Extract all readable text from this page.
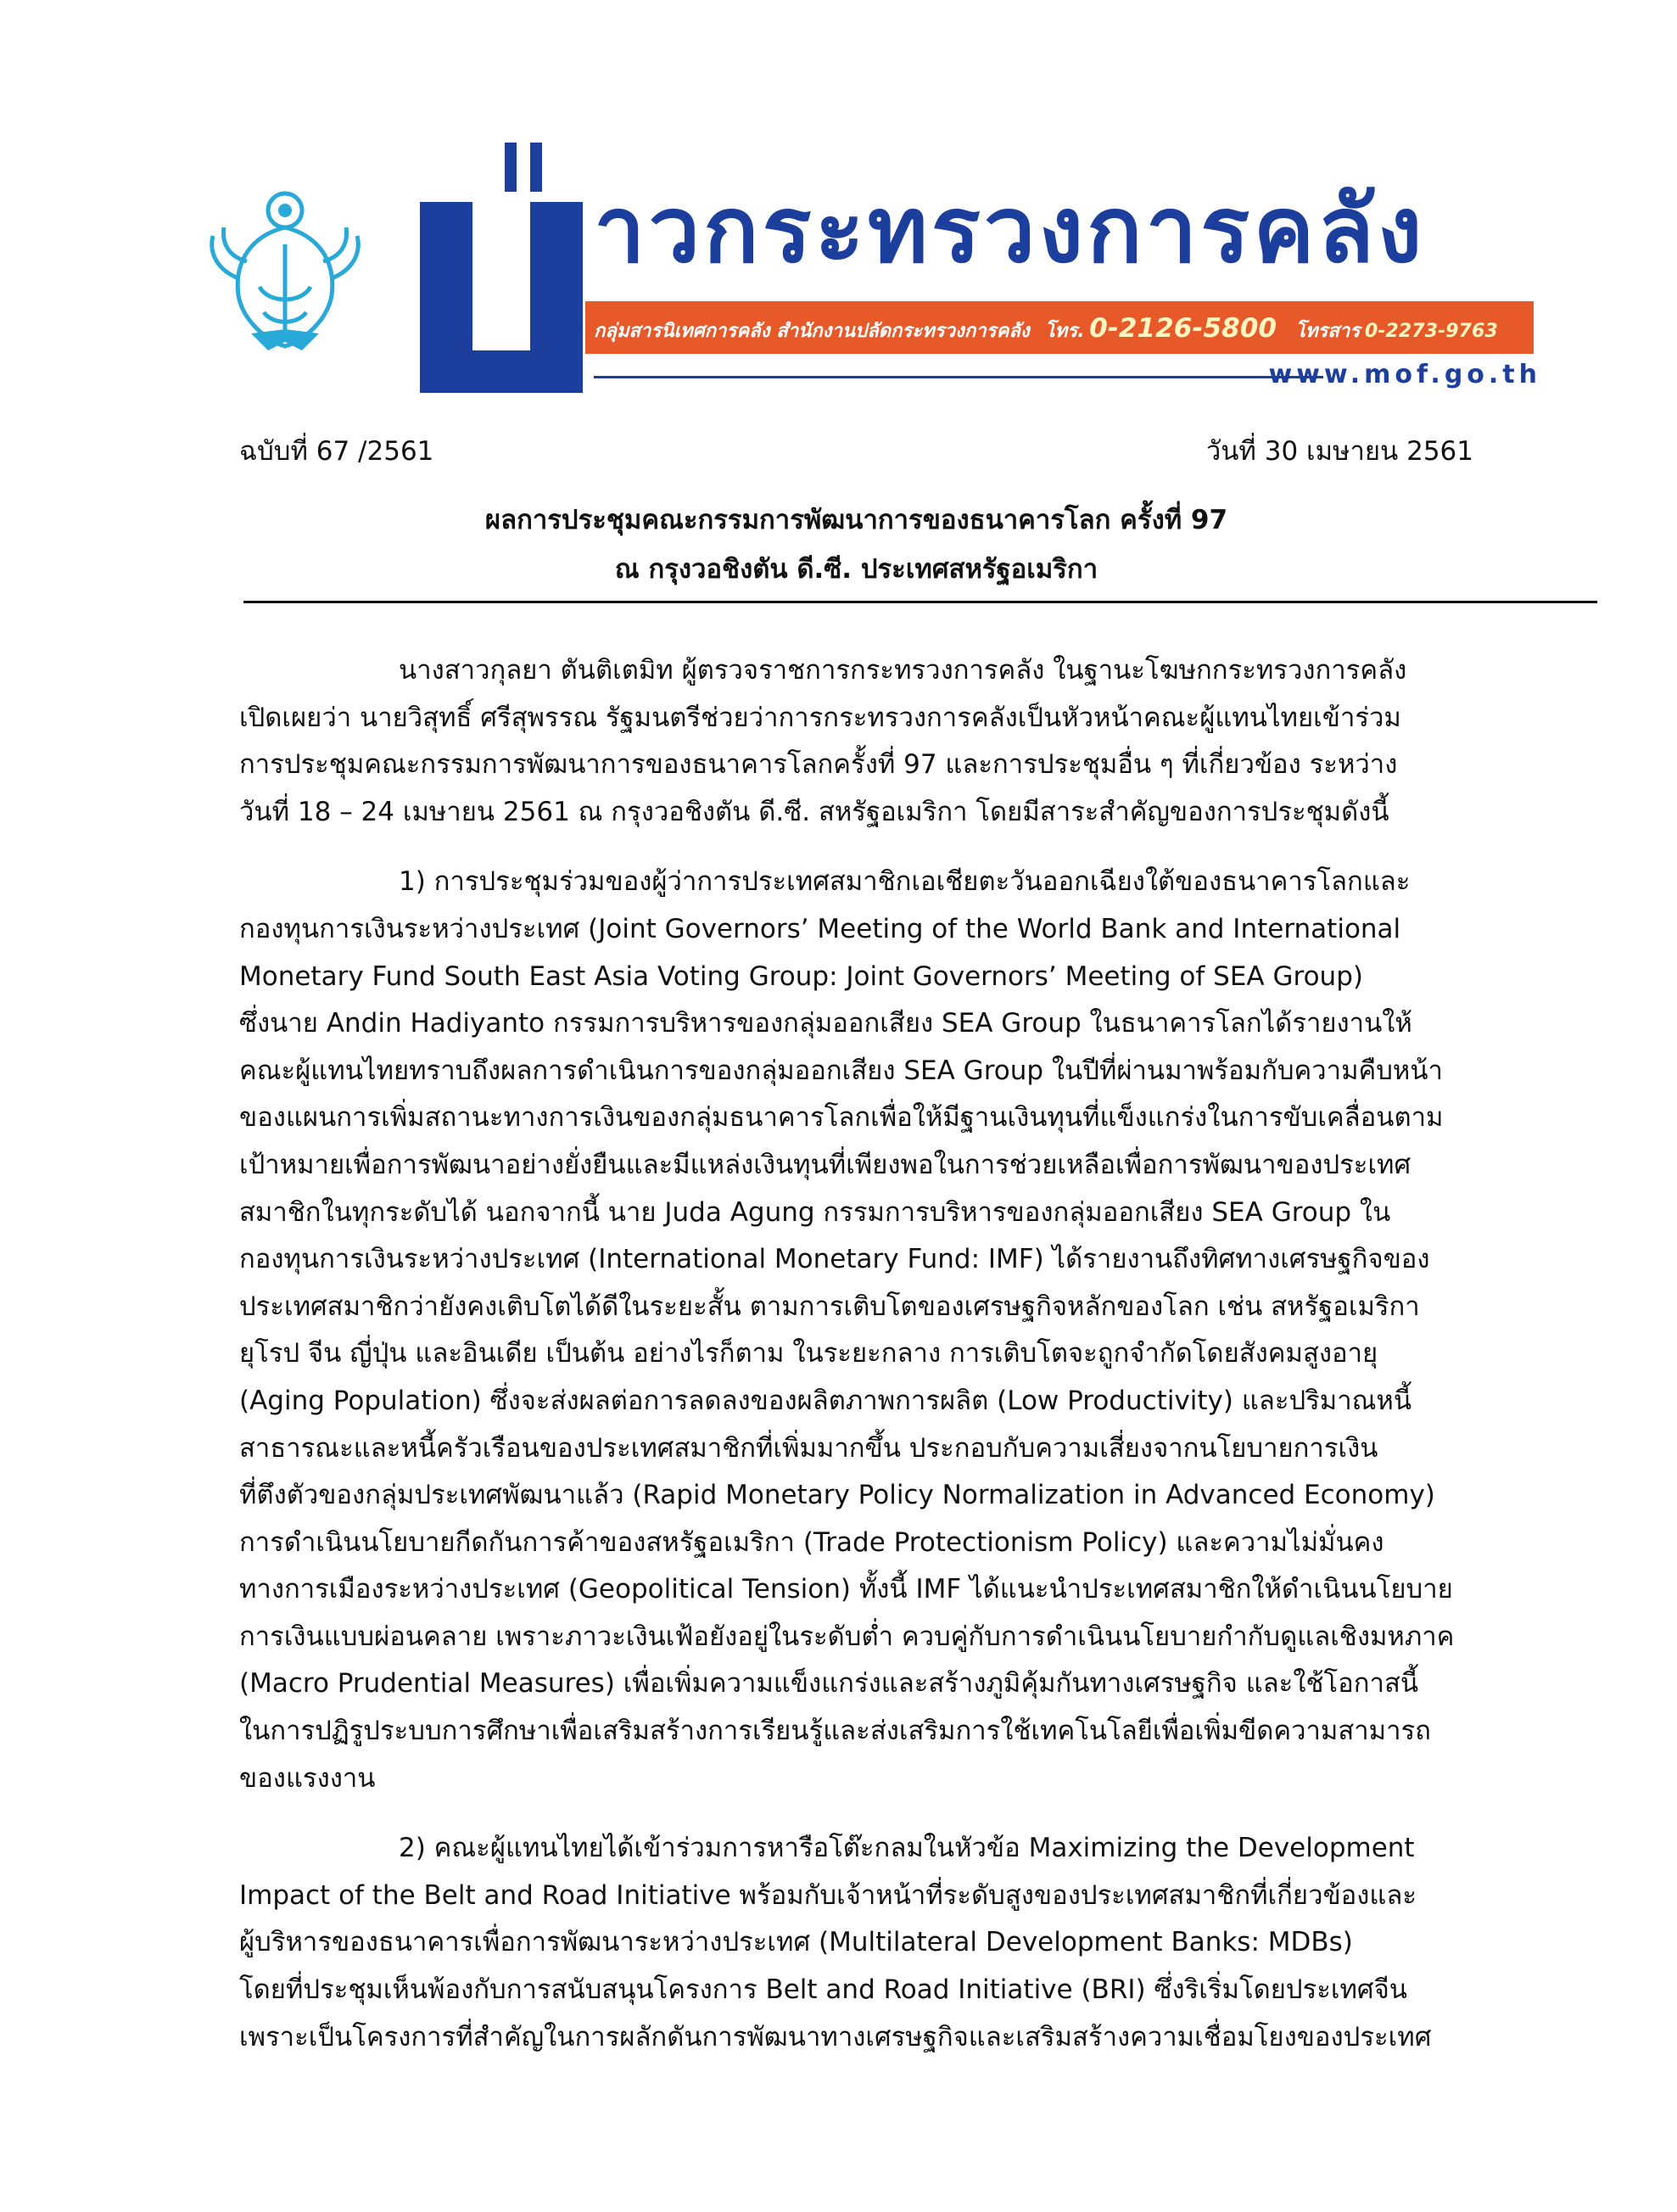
าวกระทรวงการคลัง
กลุ่มสารนิเทศการคลัง สำนักงานปลัดกระทรวงการคลัง โทร. 0-2126-5800 โทรสาร 0-2273-9763
www.mof.go.th
ฉบับที่ 67 /2561	วันที่ 30 เมษายน 2561
ผลการประชุมคณะกรรมการพัฒนาการของธนาคารโลก ครั้งที่ 97
ณ กรุงวอชิงตัน ดี.ซี. ประเทศสหรัฐอเมริกา
นางสาวกุลยา ตันติเตมิท ผู้ตรวจราชการกระทรวงการคลัง ในฐานะโฆษกกระทรวงการคลัง
เปิดเผยว่า นายวิสุทธิ์ ศรีสุพรรณ รัฐมนตรีช่วยว่าการกระทรวงการคลังเป็นหัวหน้าคณะผู้แทนไทยเข้าร่วม
การประชุมคณะกรรมการพัฒนาการของธนาคารโลกครั้งที่ 97 และการประชุมอื่น ๆ ที่เกี่ยวข้อง ระหว่าง
วันที่ 18 – 24 เมษายน 2561 ณ กรุงวอชิงตัน ดี.ซี. สหรัฐอเมริกา โดยมีสาระสำคัญของการประชุมดังนี้
1) การประชุมร่วมของผู้ว่าการประเทศสมาชิกเอเชียตะวันออกเฉียงใต้ของธนาคารโลกและ
กองทุนการเงินระหว่างประเทศ (Joint Governors’ Meeting of the World Bank and International
Monetary Fund South East Asia Voting Group: Joint Governors’ Meeting of SEA Group)
ซึ่งนาย Andin Hadiyanto กรรมการบริหารของกลุ่มออกเสียง SEA Group ในธนาคารโลกได้รายงานให้
คณะผู้แทนไทยทราบถึงผลการดำเนินการของกลุ่มออกเสียง SEA Group ในปีที่ผ่านมาพร้อมกับความคืบหน้า
ของแผนการเพิ่มสถานะทางการเงินของกลุ่มธนาคารโลกเพื่อให้มีฐานเงินทุนที่แข็งแกร่งในการขับเคลื่อนตาม
เป้าหมายเพื่อการพัฒนาอย่างยั่งยืนและมีแหล่งเงินทุนที่เพียงพอในการช่วยเหลือเพื่อการพัฒนาของประเทศ
สมาชิกในทุกระดับได้ นอกจากนี้ นาย Juda Agung กรรมการบริหารของกลุ่มออกเสียง SEA Group ใน
กองทุนการเงินระหว่างประเทศ (International Monetary Fund: IMF) ได้รายงานถึงทิศทางเศรษฐกิจของ
ประเทศสมาชิกว่ายังคงเติบโตได้ดีในระยะสั้น ตามการเติบโตของเศรษฐกิจหลักของโลก เช่น สหรัฐอเมริกา
ยุโรป จีน ญี่ปุ่น และอินเดีย เป็นต้น อย่างไรก็ตาม ในระยะกลาง การเติบโตจะถูกจำกัดโดยสังคมสูงอายุ
(Aging Population) ซึ่งจะส่งผลต่อการลดลงของผลิตภาพการผลิต (Low Productivity) และปริมาณหนี้
สาธารณะและหนี้ครัวเรือนของประเทศสมาชิกที่เพิ่มมากขึ้น ประกอบกับความเสี่ยงจากนโยบายการเงิน
ที่ตึงตัวของกลุ่มประเทศพัฒนาแล้ว (Rapid Monetary Policy Normalization in Advanced Economy)
การดำเนินนโยบายกีดกันการค้าของสหรัฐอเมริกา (Trade Protectionism Policy) และความไม่มั่นคง
ทางการเมืองระหว่างประเทศ (Geopolitical Tension) ทั้งนี้ IMF ได้แนะนำประเทศสมาชิกให้ดำเนินนโยบาย
การเงินแบบผ่อนคลาย เพราะภาวะเงินเฟ้อยังอยู่ในระดับต่ำ ควบคู่กับการดำเนินนโยบายกำกับดูแลเชิงมหภาค
(Macro Prudential Measures) เพื่อเพิ่มความแข็งแกร่งและสร้างภูมิคุ้มกันทางเศรษฐกิจ และใช้โอกาสนี้
ในการปฏิรูประบบการศึกษาเพื่อเสริมสร้างการเรียนรู้และส่งเสริมการใช้เทคโนโลยีเพื่อเพิ่มขีดความสามารถ
ของแรงงาน
2) คณะผู้แทนไทยได้เข้าร่วมการหารือโต๊ะกลมในหัวข้อ Maximizing the Development
Impact of the Belt and Road Initiative พร้อมกับเจ้าหน้าที่ระดับสูงของประเทศสมาชิกที่เกี่ยวข้องและ
ผู้บริหารของธนาคารเพื่อการพัฒนาระหว่างประเทศ (Multilateral Development Banks: MDBs)
โดยที่ประชุมเห็นพ้องกับการสนับสนุนโครงการ Belt and Road Initiative (BRI) ซึ่งริเริ่มโดยประเทศจีน
เพราะเป็นโครงการที่สำคัญในการผลักดันการพัฒนาทางเศรษฐกิจและเสริมสร้างความเชื่อมโยงของประเทศ
